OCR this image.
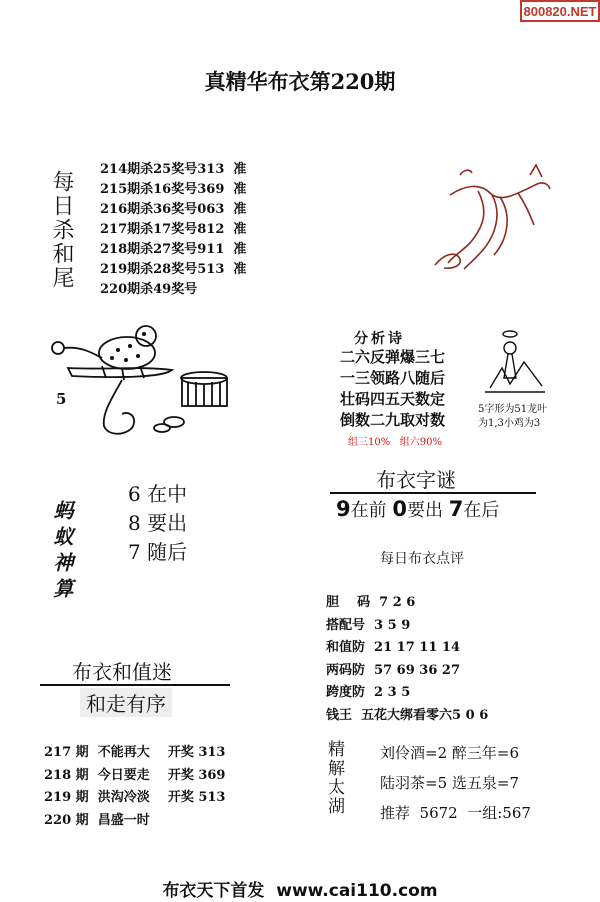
800820.NET
真精华布衣第220期
每日杀和尾
214期杀25奖号313  准
215期杀16奖号369  准
216期杀36奖号063  准
217期杀17奖号812  准
218期杀27奖号911  准
219期杀28奖号513  准
220期杀49奖号
5
分析诗
二六反弹爆三七
一三领路八随后
壮码四五天数定
倒数二九取对数
组三10%   组六90%
5字形为51龙叶
为1,3小鸡为3
蚂蚁神算
6 在中
8 要出
7 随后
布衣字谜
9在前 0要出 7在后
每日布衣点评
胆    码  7 2 6
搭配号  3 5 9
和值防  21 17 11 14
两码防  57 69 36 27
跨度防  2 3 5
钱王  五花大绑看零六5 0 6
布衣和值迷
和走有序
217 期  不能再大    开奖 313
218 期  今日要走    开奖 369
219 期  洪沟冷淡    开奖 513
220 期  昌盛一时
精解太湖 刘伶酒=2 醉三年=6
陆羽茶=5 选五泉=7
推荐  5672  一组:567
布衣天下首发  www.cai110.com
